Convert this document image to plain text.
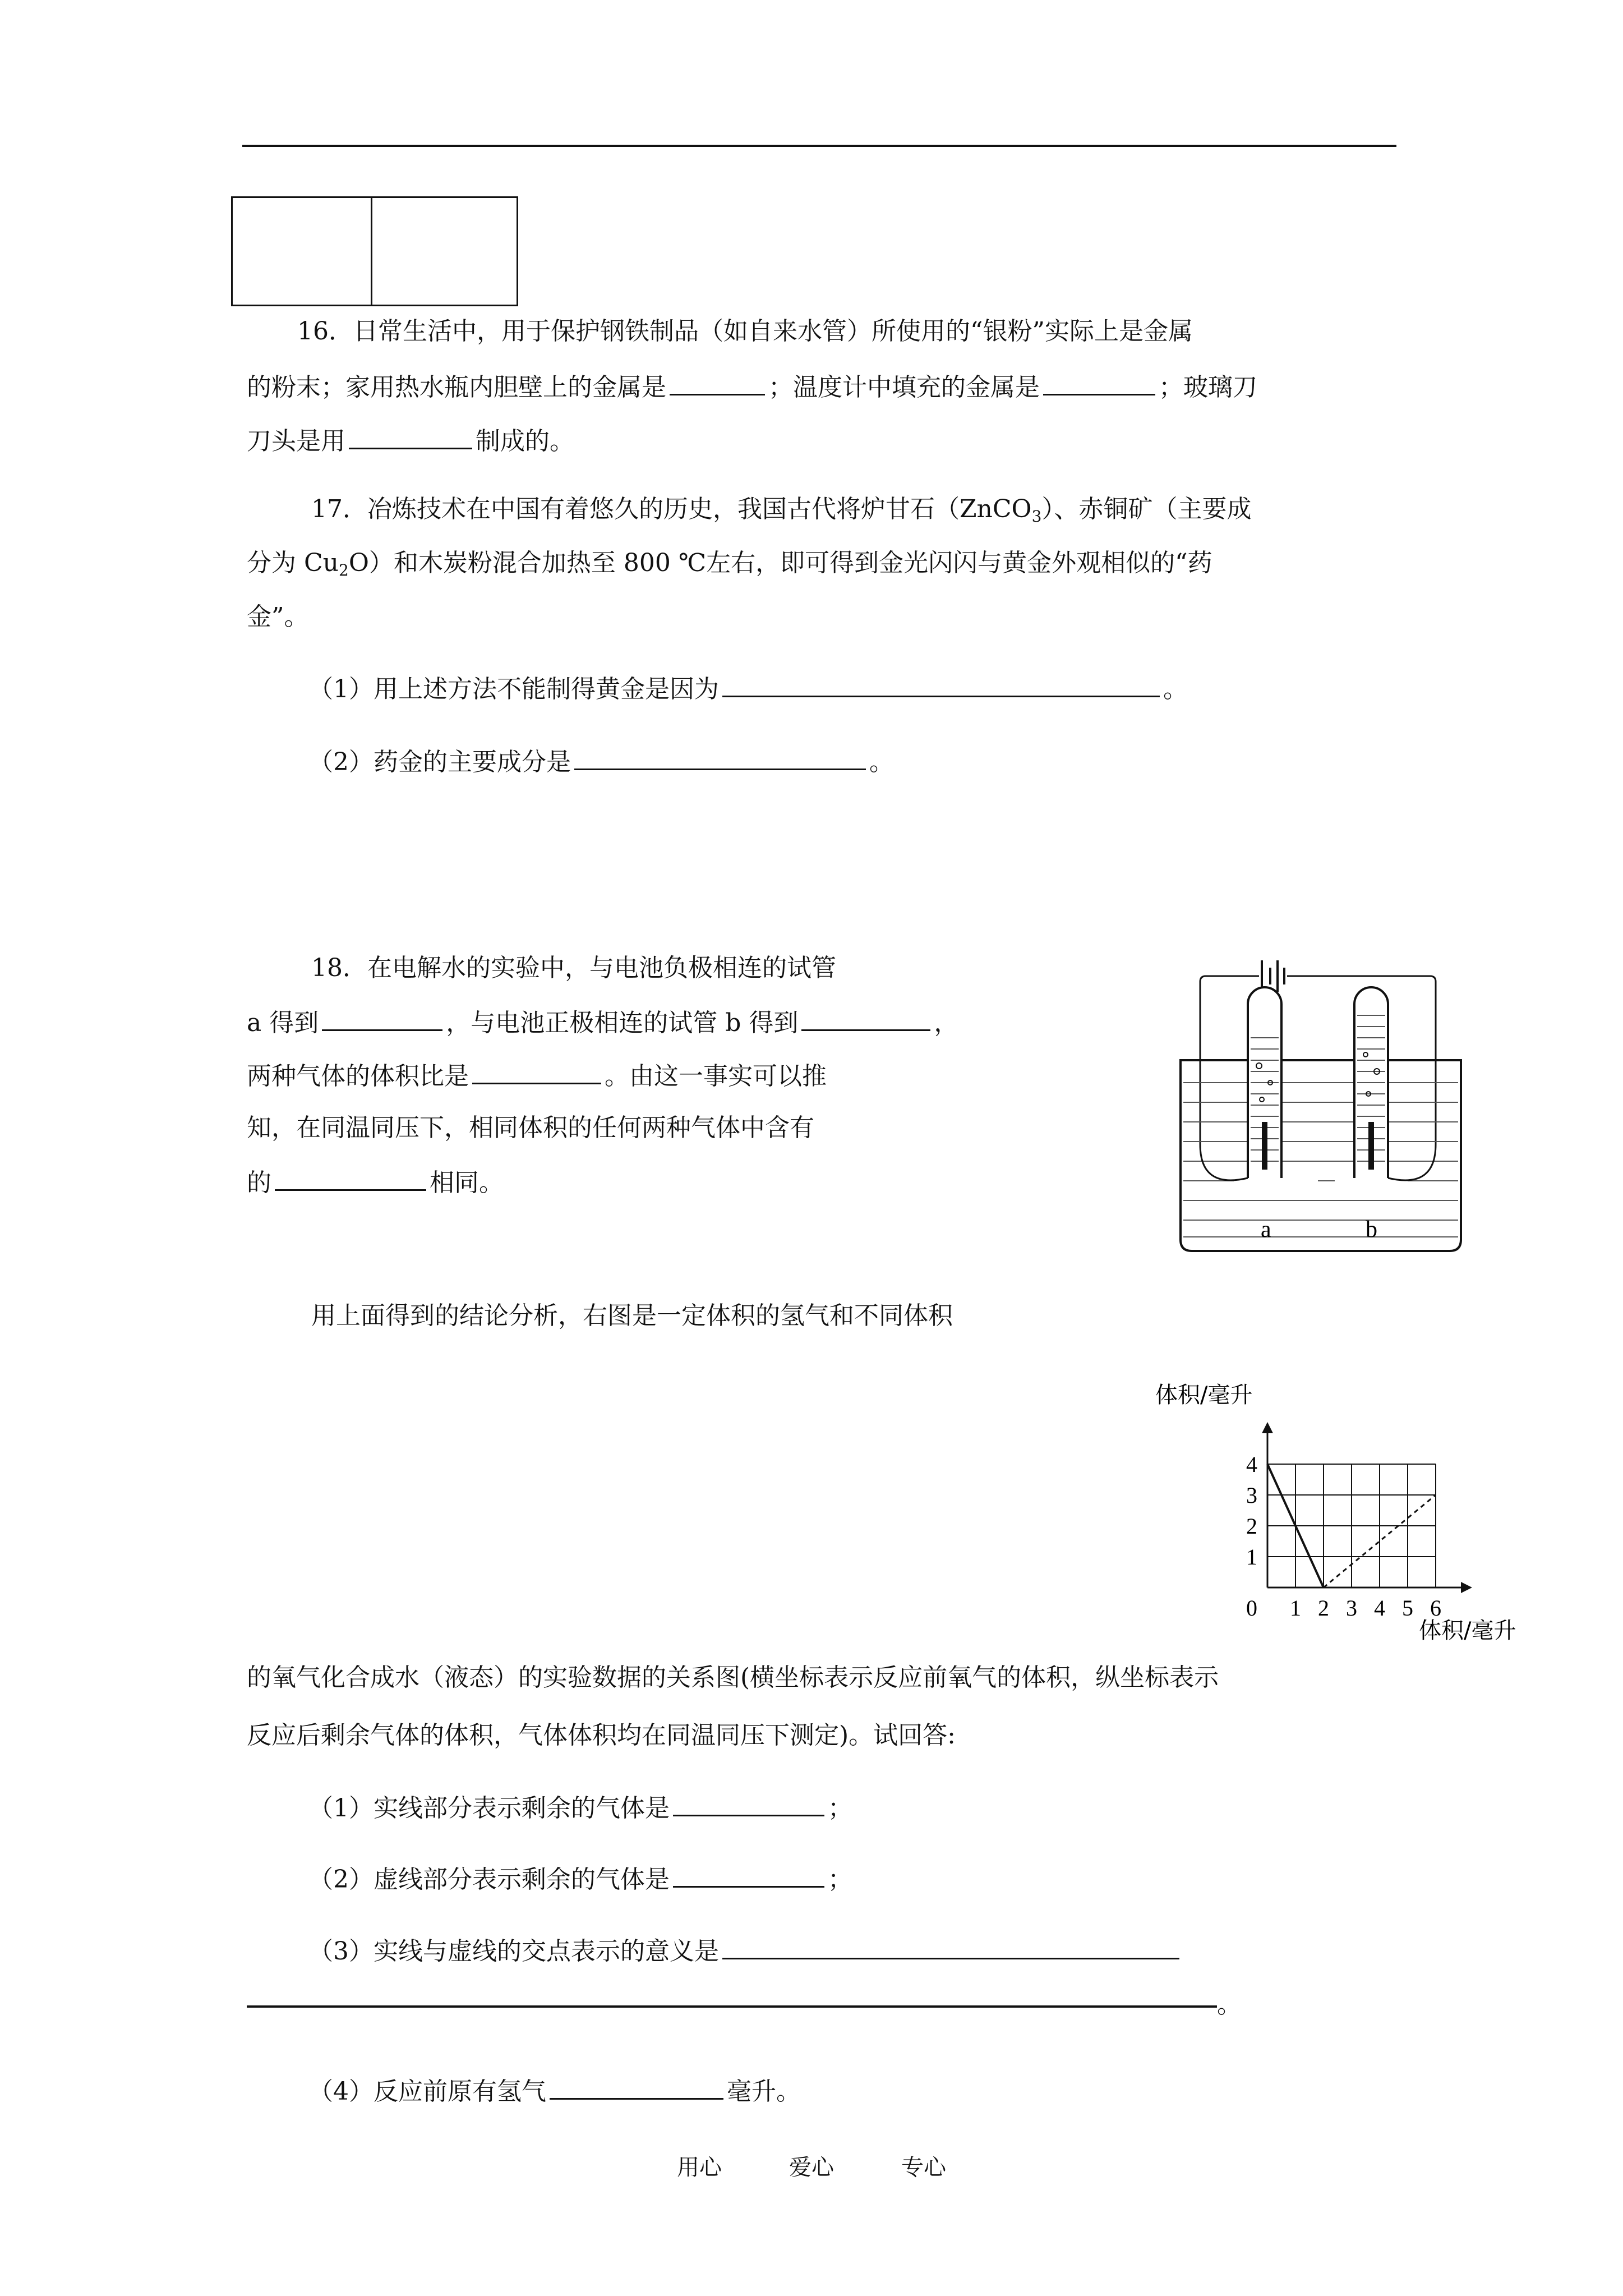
16．日常生活中，用于保护钢铁制品（如自来水管）所使用的“银粉”实际上是金属
的粉末；家用热水瓶内胆壁上的金属是	；温度计中填充的金属是	；玻璃刀
刀头是用	制成的。
17．冶炼技术在中国有着悠久的历史，我国古代将炉甘石（ZnCO$_3$）、赤铜矿（主要成
分为 $Cu_2O$）和木炭粉混合加热至 800 ℃左右，即可得到金光闪闪与黄金外观相似的“药
金”。
（1）用上述方法不能制得黄金是因为	。
（2）药金的主要成分是	。
18．在电解水的实验中，与电池负极相连的试管
a 得到	，与电池正极相连的试管 b 得到	，
两种气体的体积比是	。由这一事实可以推
知，在同温同压下，相同体积的任何两种气体中含有
的	相同。
a	b
用上面得到的结论分析，右图是一定体积的氢气和不同体积
体积/毫升
体积/毫升
0 1 2 3 4 5 6
1
2
3
4
的氧气化合成水（液态）的实验数据的关系图(横坐标表示反应前氧气的体积，纵坐标表示
反应后剩余气体的体积，气体体积均在同温同压下测定)。试回答:
（1）实线部分表示剩余的气体是	；
（2）虚线部分表示剩余的气体是	；
（3）实线与虚线的交点表示的意义是
。
（4）反应前原有氢气	毫升。
用心	爱心	专心
